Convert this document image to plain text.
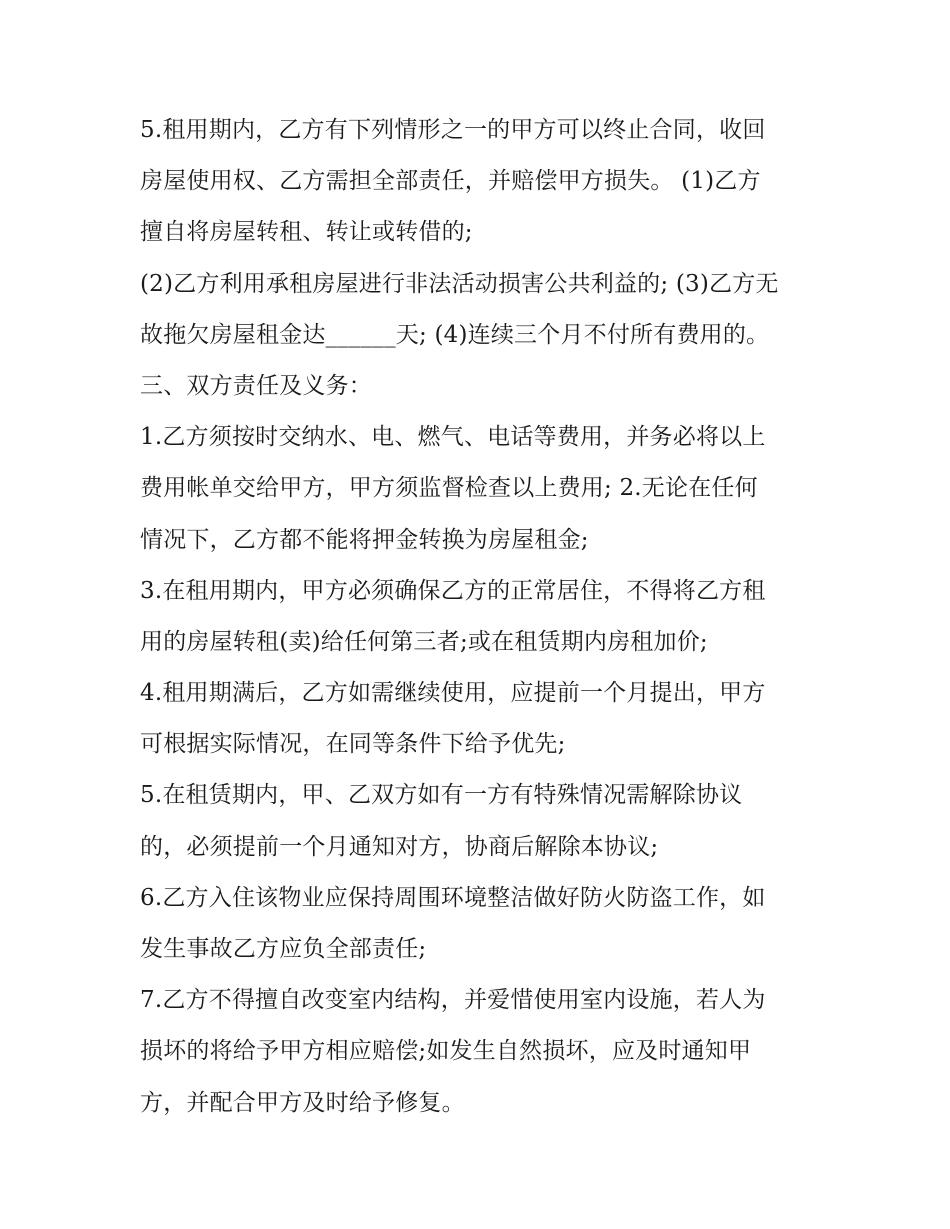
5.租用期内，乙方有下列情形之一的甲方可以终止合同，收回
房屋使用权、乙方需担全部责任，并赔偿甲方损失。 (1)乙方
擅自将房屋转租、转让或转借的;
(2)乙方利用承租房屋进行非法活动损害公共利益的; (3)乙方无
故拖欠房屋租金达______天; (4)连续三个月不付所有费用的。
三、双方责任及义务：
1.乙方须按时交纳水、电、燃气、电话等费用，并务必将以上
费用帐单交给甲方，甲方须监督检查以上费用; 2.无论在任何
情况下，乙方都不能将押金转换为房屋租金;
3.在租用期内，甲方必须确保乙方的正常居住，不得将乙方租
用的房屋转租(卖)给任何第三者;或在租赁期内房租加价;
4.租用期满后，乙方如需继续使用，应提前一个月提出，甲方
可根据实际情况，在同等条件下给予优先;
5.在租赁期内，甲、乙双方如有一方有特殊情况需解除协议
的，必须提前一个月通知对方，协商后解除本协议;
6.乙方入住该物业应保持周围环境整洁做好防火防盗工作，如
发生事故乙方应负全部责任;
7.乙方不得擅自改变室内结构，并爱惜使用室内设施，若人为
损坏的将给予甲方相应赔偿;如发生自然损坏，应及时通知甲
方，并配合甲方及时给予修复。
